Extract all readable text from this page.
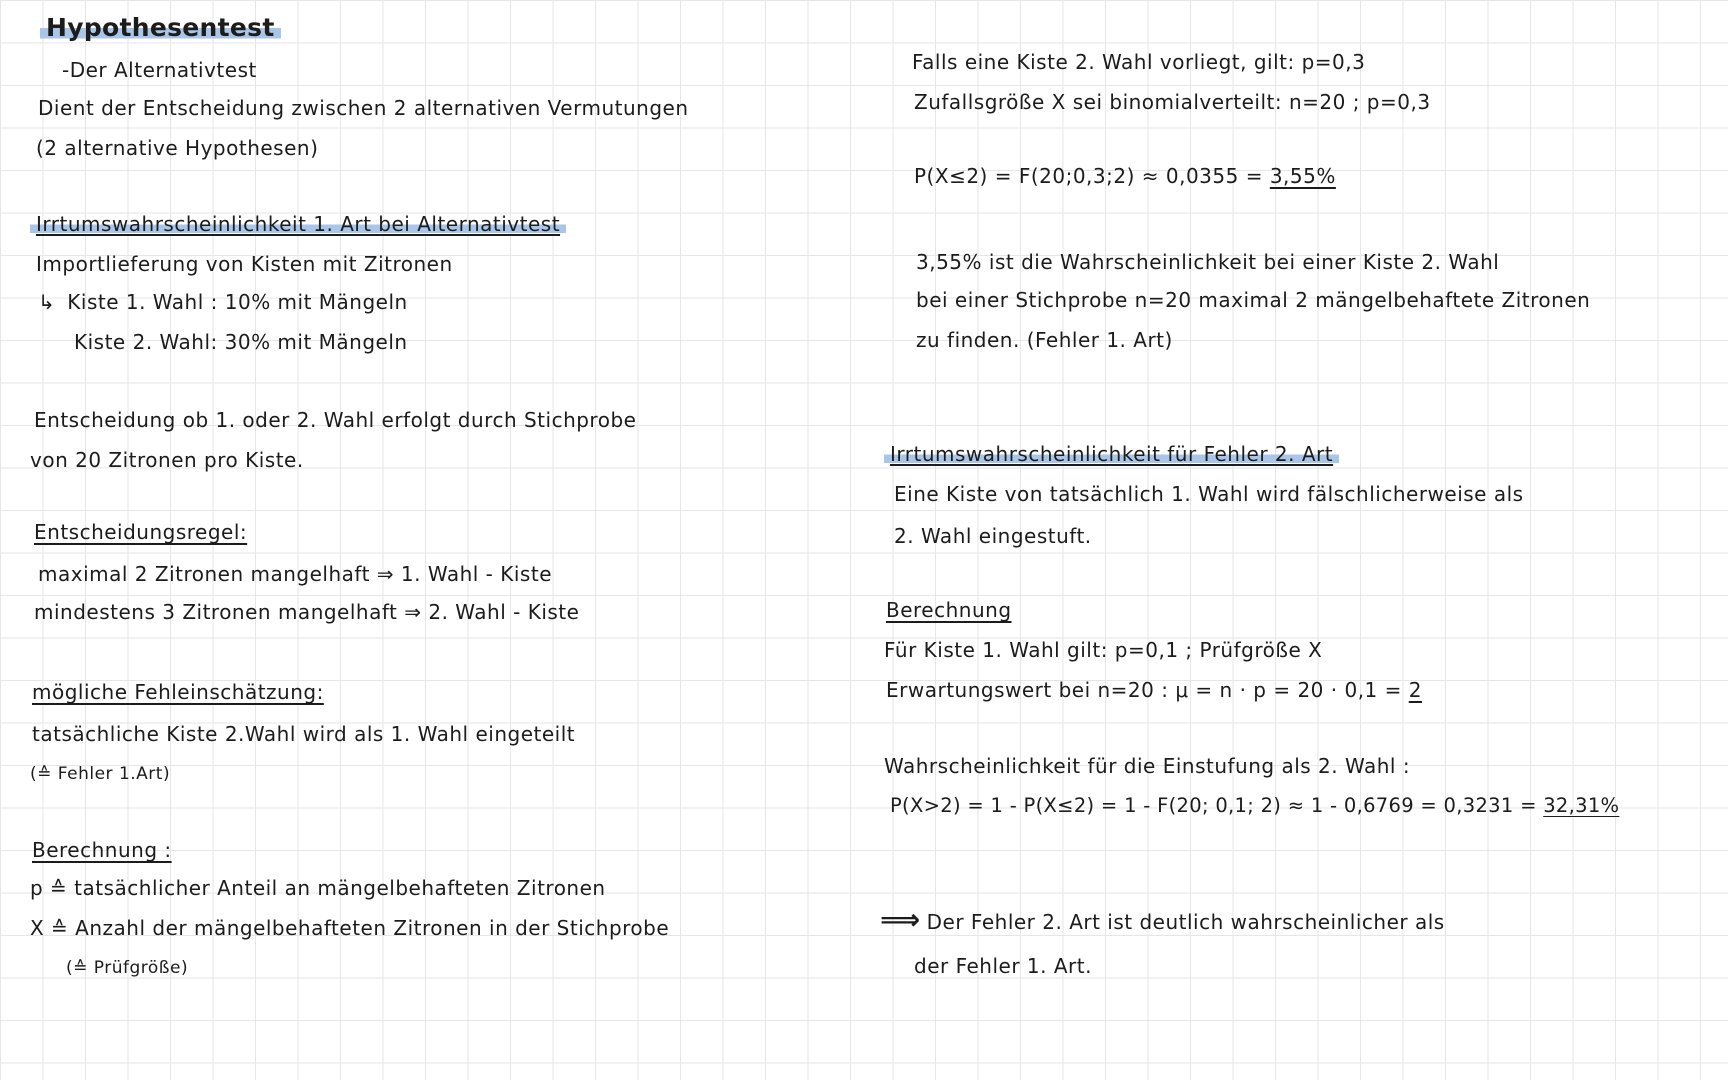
Hypothesentest
-Der Alternativtest
Dient der Entscheidung zwischen 2 alternativen Vermutungen
(2 alternative Hypothesen)
Irrtumswahrscheinlichkeit 1. Art bei Alternativtest
Importlieferung von Kisten mit Zitronen
↳ Kiste 1. Wahl : 10% mit Mängeln
Kiste 2. Wahl: 30% mit Mängeln
Entscheidung ob 1. oder 2. Wahl erfolgt durch Stichprobe
von 20 Zitronen pro Kiste.
Entscheidungsregel:
maximal 2 Zitronen mangelhaft ⇒ 1. Wahl - Kiste
mindestens 3 Zitronen mangelhaft ⇒ 2. Wahl - Kiste
mögliche Fehleinschätzung:
tatsächliche Kiste 2.Wahl wird als 1. Wahl eingeteilt
(≙ Fehler 1.Art)
Berechnung :
p ≙ tatsächlicher Anteil an mängelbehafteten Zitronen
X ≙ Anzahl der mängelbehafteten Zitronen in der Stichprobe
(≙ Prüfgröße)
Falls eine Kiste 2. Wahl vorliegt, gilt: p=0,3
Zufallsgröße X sei binomialverteilt: n=20 ; p=0,3
P(X≤2) = F(20;0,3;2) ≈ 0,0355 = 3,55%
3,55% ist die Wahrscheinlichkeit bei einer Kiste 2. Wahl
bei einer Stichprobe n=20 maximal 2 mängelbehaftete Zitronen
zu finden. (Fehler 1. Art)
Irrtumswahrscheinlichkeit für Fehler 2. Art
Eine Kiste von tatsächlich 1. Wahl wird fälschlicherweise als
2. Wahl eingestuft.
Berechnung
Für Kiste 1. Wahl gilt: p=0,1 ; Prüfgröße X
Erwartungswert bei n=20 : μ = n · p = 20 · 0,1 = 2
Wahrscheinlichkeit für die Einstufung als 2. Wahl :
P(X>2) = 1 - P(X≤2) = 1 - F(20; 0,1; 2) ≈ 1 - 0,6769 = 0,3231 = 32,31%
⟹ Der Fehler 2. Art ist deutlich wahrscheinlicher als
der Fehler 1. Art.
